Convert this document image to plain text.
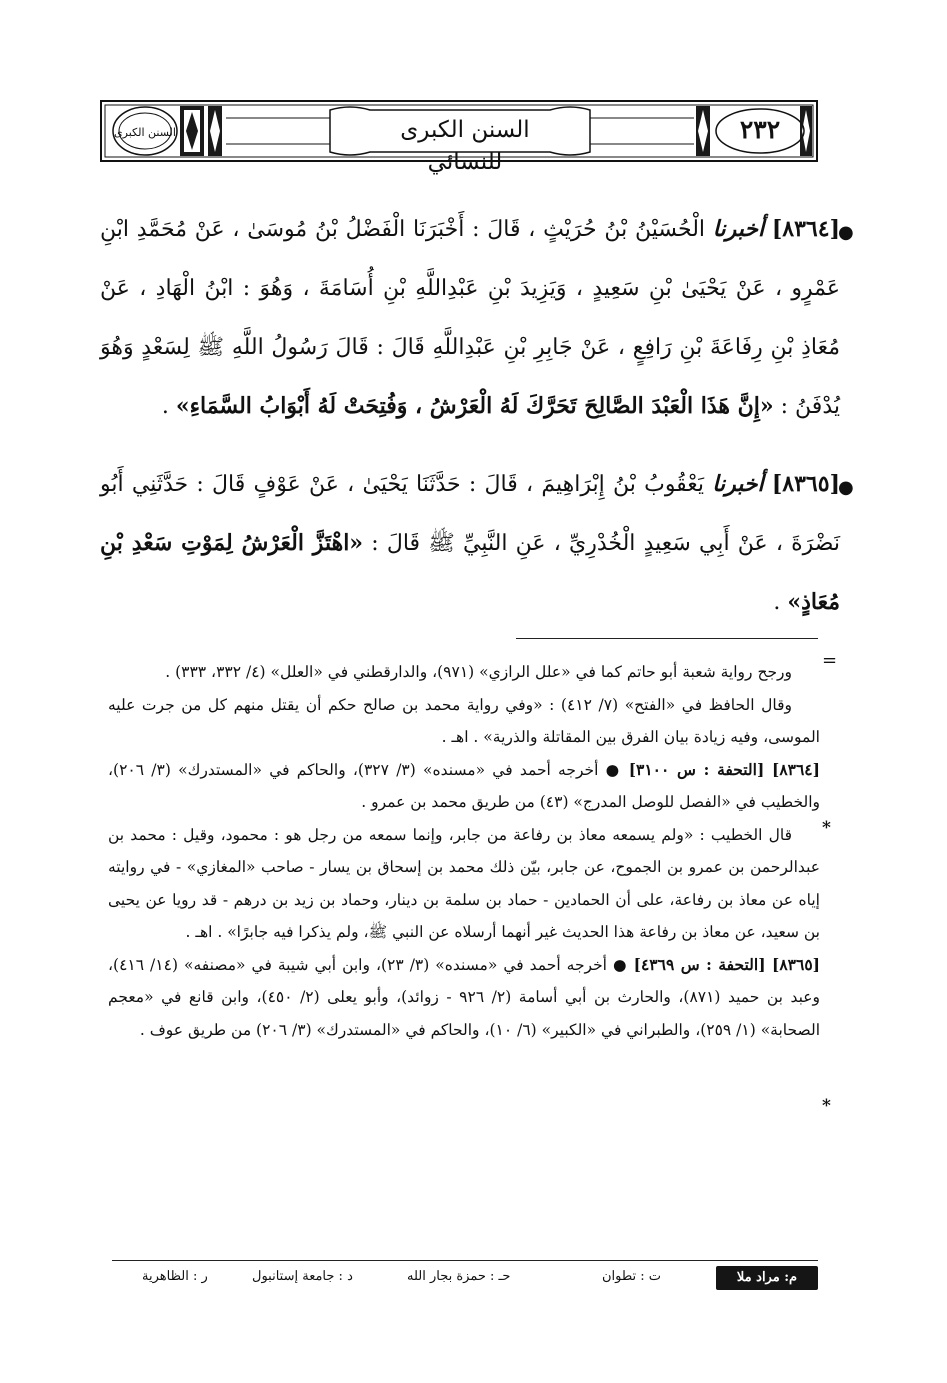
السنن الكبرى	السنن الكبرى للنسائي
٢٣٢
●
[٨٣٦٤] أخبرنا الْحُسَيْنُ بْنُ حُرَيْثٍ ، قَالَ : أَخْبَرَنَا الْفَضْلُ بْنُ مُوسَىٰ ، عَنْ مُحَمَّدِ ابْنِ عَمْرٍو ، عَنْ يَحْيَىٰ بْنِ سَعِيدٍ ، وَيَزِيدَ بْنِ عَبْدِاللَّهِ بْنِ أُسَامَةَ ، وَهُوَ : ابْنُ الْهَادِ ، عَنْ مُعَاذِ بْنِ رِفَاعَةَ بْنِ رَافِعٍ ، عَنْ جَابِرِ بْنِ عَبْدِاللَّهِ قَالَ : قَالَ رَسُولُ اللَّهِ ﷺ لِسَعْدٍ وَهُوَ يُدْفَنُ : «إِنَّ هَذَا الْعَبْدَ الصَّالِحَ تَحَرَّكَ لَهُ الْعَرْشُ ، وَفُتِحَتْ لَهُ أَبْوَابُ السَّمَاءِ» .
●
[٨٣٦٥] أخبرنا يَعْقُوبُ بْنُ إِبْرَاهِيمَ ، قَالَ : حَدَّثَنَا يَحْيَىٰ ، عَنْ عَوْفٍ قَالَ : حَدَّثَنِي أَبُو نَضْرَةَ ، عَنْ أَبِي سَعِيدٍ الْخُدْرِيِّ ، عَنِ النَّبِيِّ ﷺ قَالَ : «اهْتَزَّ الْعَرْشُ لِمَوْتِ سَعْدِ بْنِ مُعَاذٍ» .
=

ورجح رواية شعبة أبو حاتم كما في «علل الرازي» (٩٧١)، والدارقطني في «العلل» (٤/ ٣٣٢، ٣٣٣) .

وقال الحافظ في «الفتح» (٧/ ٤١٢) : «وفي رواية محمد بن صالح حكم أن يقتل منهم كل من جرت عليه الموسى، وفيه زيادة بيان الفرق بين المقاتلة والذرية» . اهـ .

[٨٣٦٤] [التحفة : س ٣١٠٠] ● أخرجه أحمد في «مسنده» (٣/ ٣٢٧)، والحاكم في «المستدرك» (٣/ ٢٠٦)، والخطيب في «الفصل للوصل المدرج» (٤٣) من طريق محمد بن عمرو .

قال الخطيب : «ولم يسمعه معاذ بن رفاعة من جابر، وإنما سمعه من رجل هو : محمود، وقيل : محمد بن عبدالرحمن بن عمرو بن الجموح، عن جابر، بيّن ذلك محمد بن إسحاق بن يسار - صاحب «المغازي» - في روايته إياه عن معاذ بن رفاعة، على أن الحمادين - حماد بن سلمة بن دينار، وحماد بن زيد بن درهم - قد رويا عن يحيى بن سعيد، عن معاذ بن رفاعة هذا الحديث غير أنهما أرسلاه عن النبي ﷺ، ولم يذكرا فيه جابرًا» . اهـ .

[٨٣٦٥] [التحفة : س ٤٣٦٩] ● أخرجه أحمد في «مسنده» (٣/ ٢٣)، وابن أبي شيبة في «مصنفه» (١٤/ ٤١٦)، وعبد بن حميد (٨٧١)، والحارث بن أبي أسامة (٢/ ٩٢٦ - زوائد)، وأبو يعلى (٢/ ٤٥٠)، وابن قانع في «معجم الصحابة» (١/ ٢٥٩)، والطبراني في «الكبير» (٦/ ١٠)، والحاكم في «المستدرك» (٣/ ٢٠٦) من طريق عوف .

*
*
م: مراد ملا
ت : تطوان
حـ : حمزة بجار الله
د : جامعة إستانبول
ر : الظاهرية
